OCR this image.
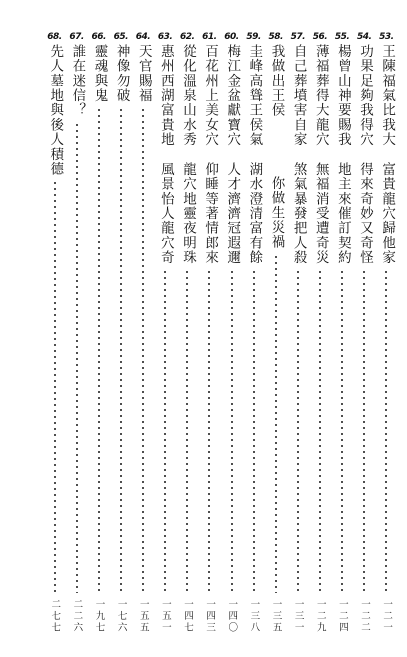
53.
王陳福氣比我大

富貴龍穴歸他家
一二一
54.
功果足夠我得穴

得來奇妙又奇怪
一二二
55.
楊曾山神要賜我

地主來催訂契約
一二四
56.
薄福葬得大龍穴

無福消受遭奇災
一二九
57.
自己葬墳害自家

煞氣暴發把人殺
一三一
58.
我做出王侯

你做生災禍
一三五
59.
圭峰高聳王侯氣

湖水澄清富有餘
一三八
60.
梅江金盆獻寶穴

人才濟濟冠遐邇
一四〇
61.
百花州上美女穴

仰睡等著情郎來
一四三
62.
從化溫泉山水秀

龍穴地靈夜明珠
一四七
63.
惠州西湖富貴地

風景怡人龍穴奇
一五一
64.
天官賜福
一五五
65.
神像勿破
一七六
66.
靈魂與鬼
一九七
67.
誰在迷信？
二二六
68.
先人墓地與後人積德
二七七
